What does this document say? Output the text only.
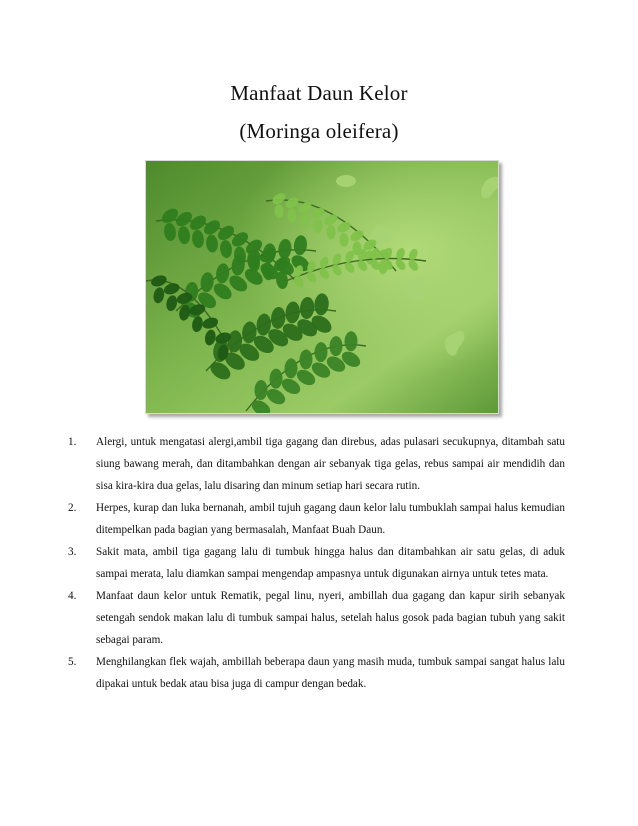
Manfaat Daun Kelor
(Moringa oleifera)
1. Alergi, untuk mengatasi alergi,ambil tiga gagang dan direbus, adas pulasari secukupnya, ditambah satu siung bawang merah, dan ditambahkan dengan air sebanyak tiga gelas, rebus sampai air mendidih dan sisa kira-kira dua gelas, lalu disaring dan minum setiap hari secara rutin.
2. Herpes, kurap dan luka bernanah, ambil tujuh gagang daun kelor lalu tumbuklah sampai halus kemudian ditempelkan pada bagian yang bermasalah, Manfaat Buah Daun.
3. Sakit mata, ambil tiga gagang lalu di tumbuk hingga halus dan ditambahkan air satu gelas, di aduk sampai merata, lalu diamkan sampai mengendap ampasnya untuk digunakan airnya untuk tetes mata.
4. Manfaat daun kelor untuk Rematik, pegal linu, nyeri, ambillah dua gagang dan kapur sirih sebanyak setengah sendok makan lalu di tumbuk sampai halus, setelah halus gosok pada bagian tubuh yang sakit sebagai param.
5. Menghilangkan flek wajah, ambillah beberapa daun yang masih muda, tumbuk sampai sangat halus lalu dipakai untuk bedak atau bisa juga di campur dengan bedak.
